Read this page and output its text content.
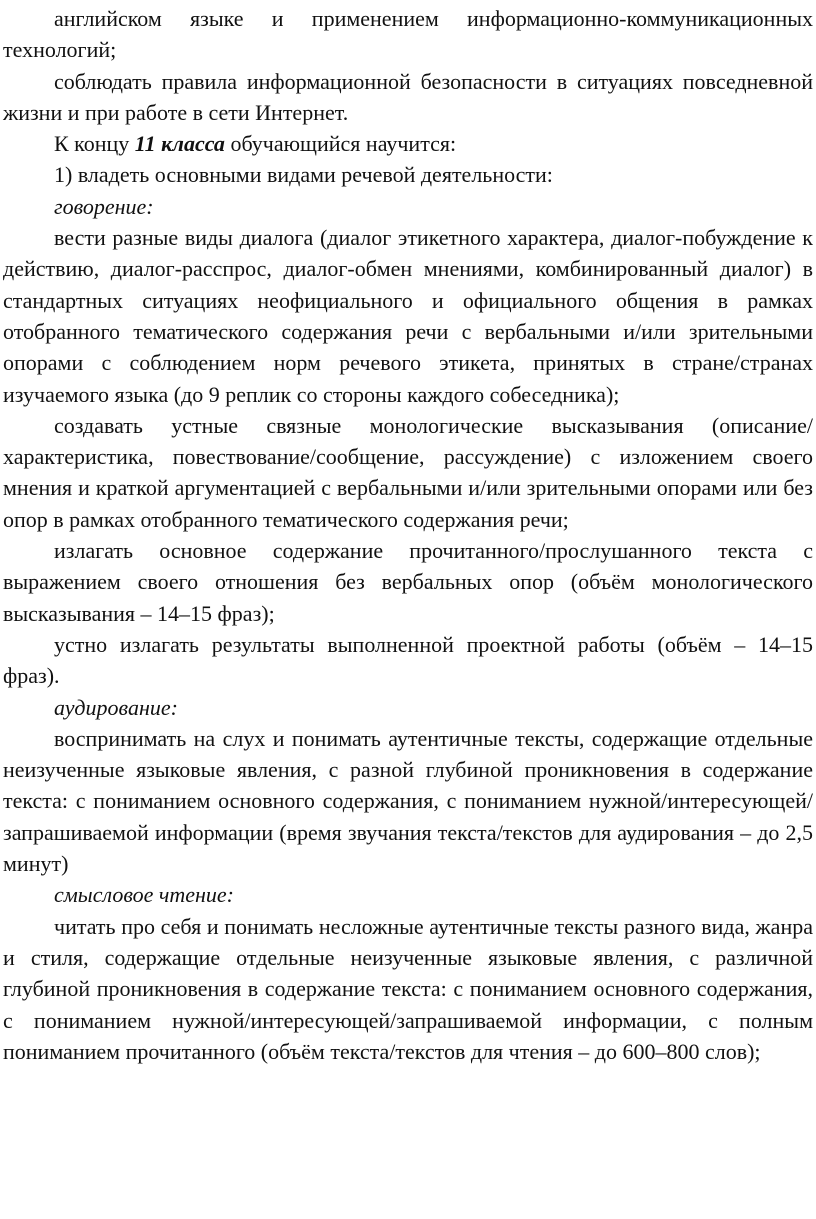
английском языке и применением информационно-коммуникационных технологий;

соблюдать правила информационной безопасности в ситуациях повседневной жизни и при работе в сети Интернет.

К концу 11 класса обучающийся научится:

1) владеть основными видами речевой деятельности:

говорение:

вести разные виды диалога (диалог этикетного характера, диалог-побуждение к действию, диалог-расспрос, диалог-обмен мнениями, комбинированный диалог) в стандартных ситуациях неофициального и официального общения в рамках отобранного тематического содержания речи с вербальными и/или зрительными опорами с соблюдением норм речевого этикета, принятых в стране/странах изучаемого языка (до 9 реплик со стороны каждого собеседника);

создавать устные связные монологические высказывания (описание/характеристика, повествование/сообщение, рассуждение) с изложением своего мнения и краткой аргументацией с вербальными и/или зрительными опорами или без опор в рамках отобранного тематического содержания речи;

излагать основное содержание прочитанного/прослушанного текста с выражением своего отношения без вербальных опор (объём монологического высказывания – 14–15 фраз);

устно излагать результаты выполненной проектной работы (объём – 14–15 фраз).

аудирование:

воспринимать на слух и понимать аутентичные тексты, содержащие отдельные неизученные языковые явления, с разной глубиной проникновения в содержание текста: с пониманием основного содержания, с пониманием нужной/интересующей/запрашиваемой информации (время звучания текста/текстов для аудирования – до 2,5 минут)

смысловое чтение:

читать про себя и понимать несложные аутентичные тексты разного вида, жанра и стиля, содержащие отдельные неизученные языковые явления, с различной глубиной проникновения в содержание текста: с пониманием основного содержания, с пониманием нужной/интересующей/запрашиваемой информации, с полным пониманием прочитанного (объём текста/текстов для чтения – до 600–800 слов);
